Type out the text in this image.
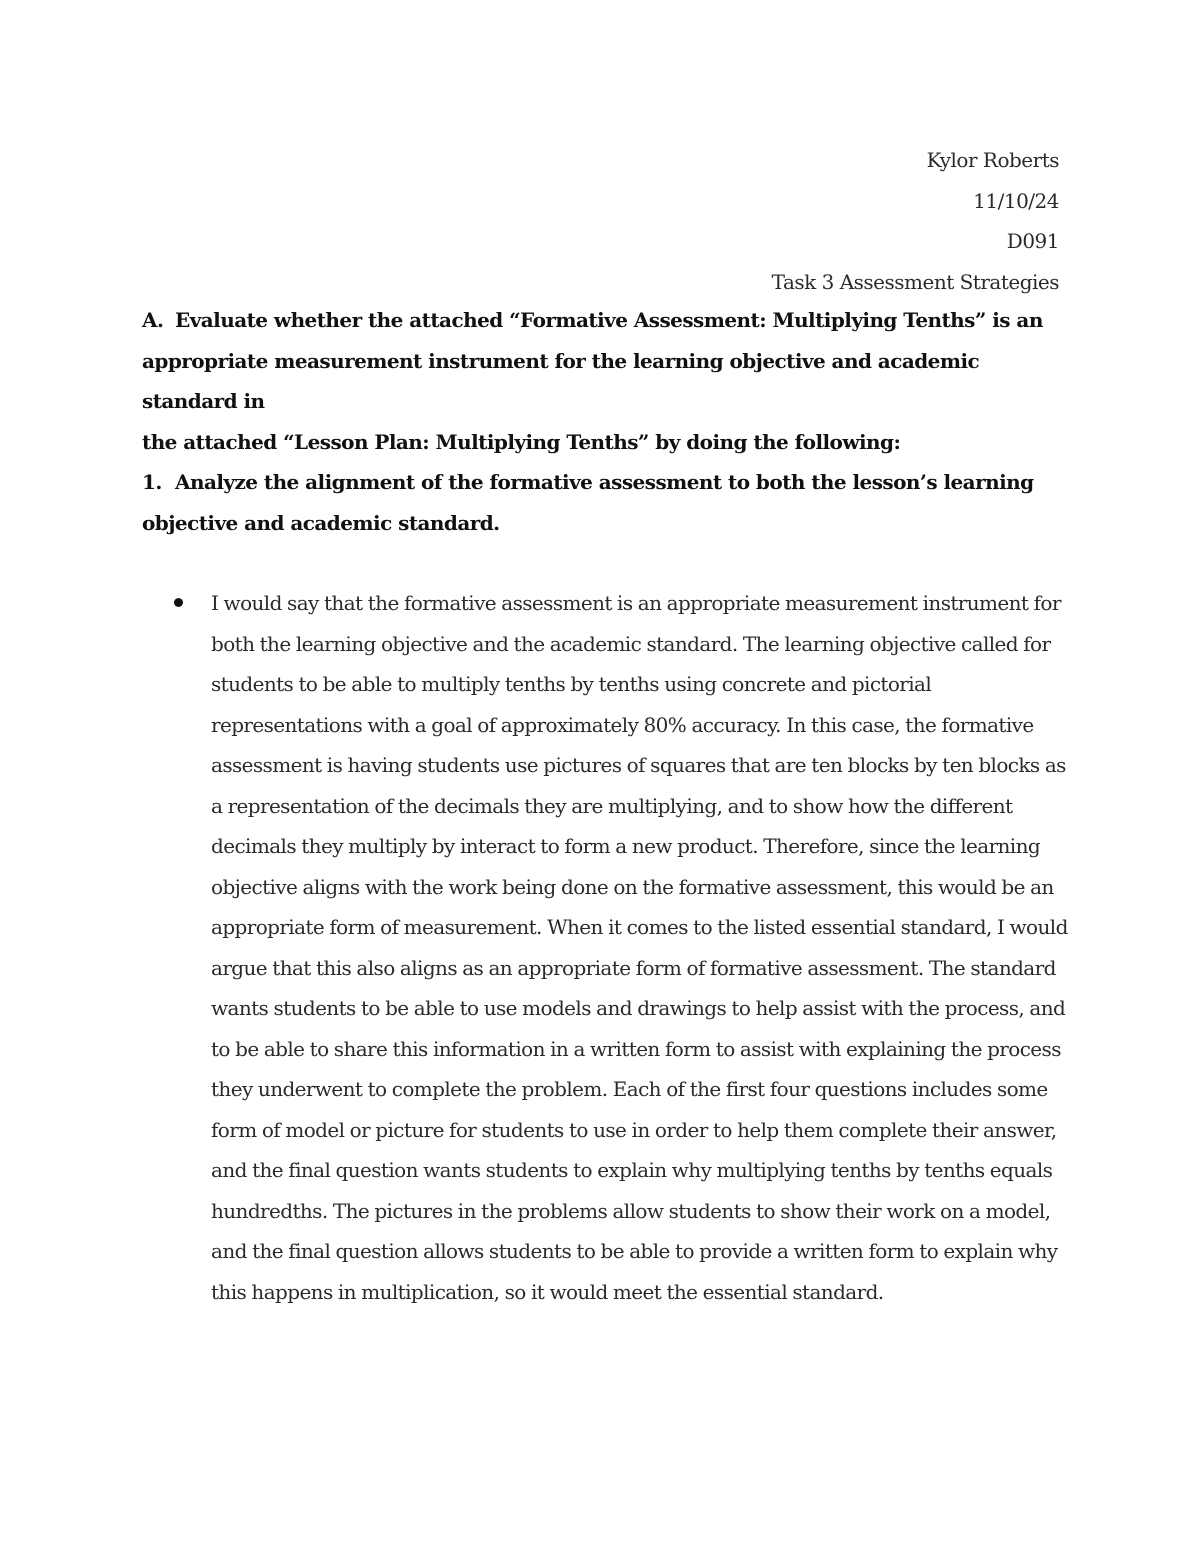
Kylor Roberts
11/10/24
D091
Task 3 Assessment Strategies
A. Evaluate whether the attached “Formative Assessment: Multiplying Tenths” is an
appropriate measurement instrument for the learning objective and academic standard in
the attached “Lesson Plan: Multiplying Tenths” by doing the following:
1. Analyze the alignment of the formative assessment to both the lesson’s learning
objective and academic standard.
I would say that the formative assessment is an appropriate measurement instrument for
both the learning objective and the academic standard. The learning objective called for
students to be able to multiply tenths by tenths using concrete and pictorial
representations with a goal of approximately 80% accuracy. In this case, the formative
assessment is having students use pictures of squares that are ten blocks by ten blocks as
a representation of the decimals they are multiplying, and to show how the different
decimals they multiply by interact to form a new product. Therefore, since the learning
objective aligns with the work being done on the formative assessment, this would be an
appropriate form of measurement. When it comes to the listed essential standard, I would
argue that this also aligns as an appropriate form of formative assessment. The standard
wants students to be able to use models and drawings to help assist with the process, and
to be able to share this information in a written form to assist with explaining the process
they underwent to complete the problem. Each of the first four questions includes some
form of model or picture for students to use in order to help them complete their answer,
and the final question wants students to explain why multiplying tenths by tenths equals
hundredths. The pictures in the problems allow students to show their work on a model,
and the final question allows students to be able to provide a written form to explain why
this happens in multiplication, so it would meet the essential standard.
